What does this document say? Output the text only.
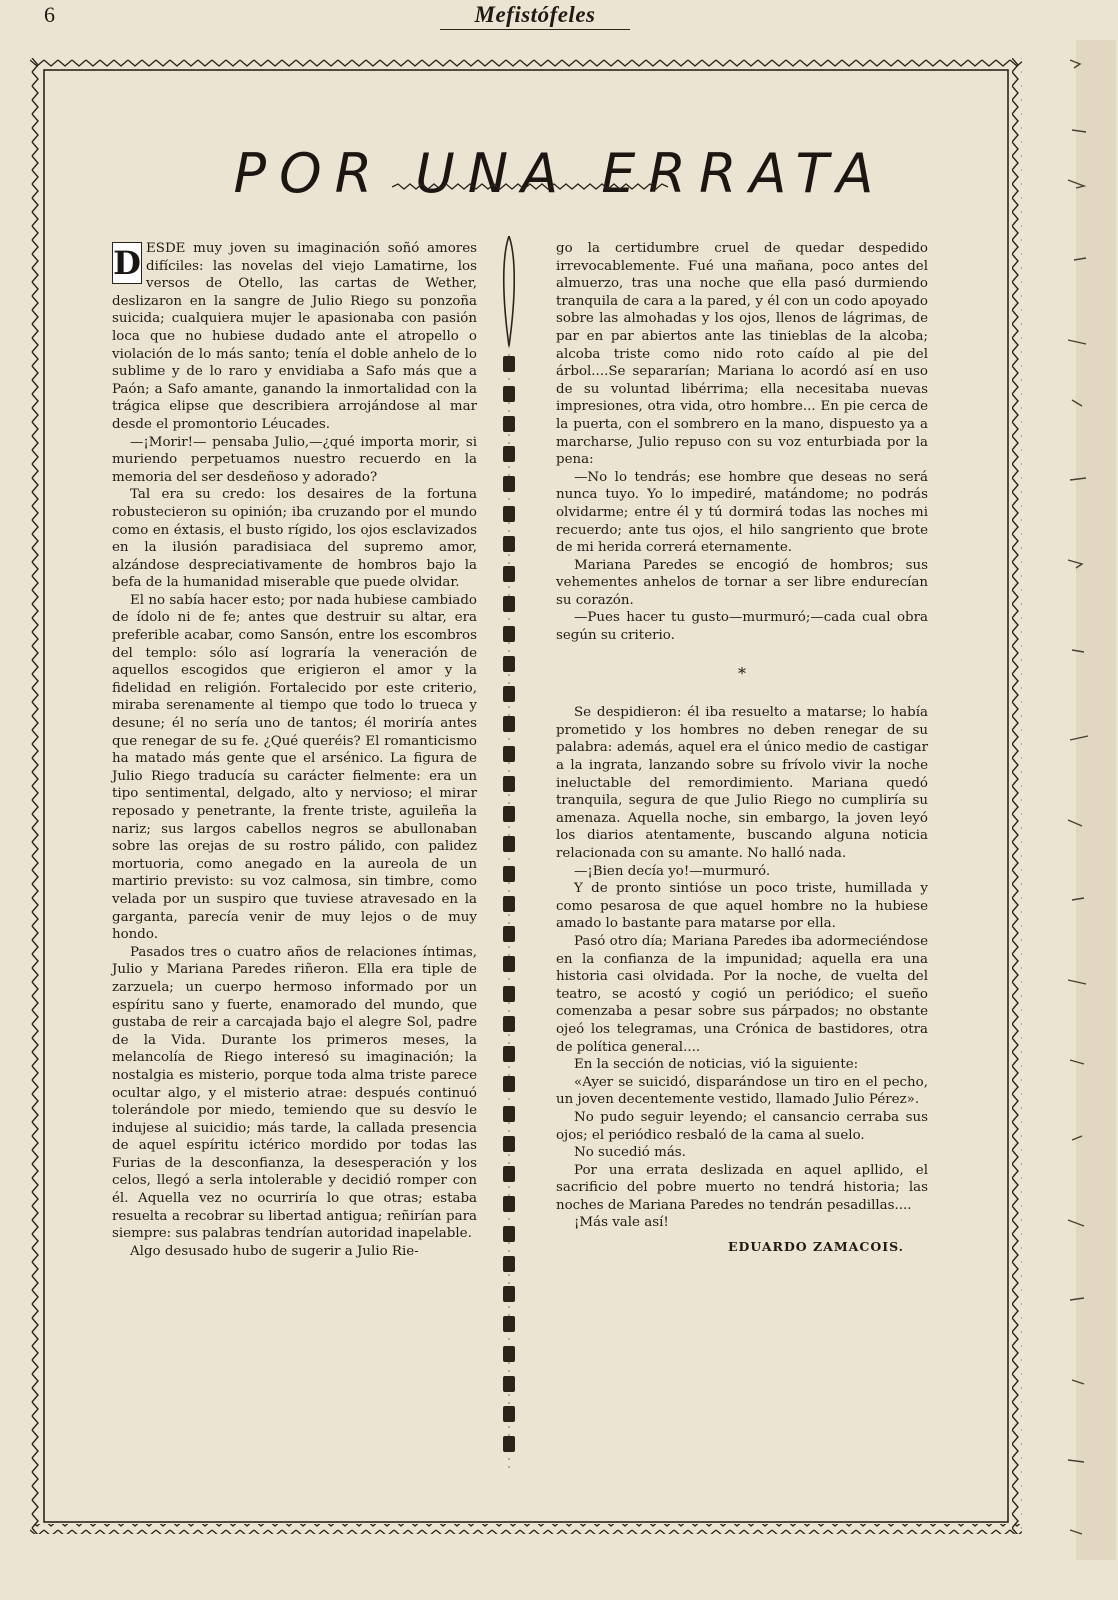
6	Mefistófeles
POR UNA ERRATA

D ESDE muy joven su imaginación soñó amores difíciles: las novelas del viejo Lamatirne, los versos de Otello, las cartas de Wether, deslizaron en la sangre de Julio Riego su ponzoña suicida; cualquiera mujer le apasionaba con pasión loca que no hubiese dudado ante el atropello o violación de lo más santo; tenía el doble anhelo de lo sublime y de lo raro y envidiaba a Safo más que a Paón; a Safo amante, ganando la inmortalidad con la trágica elipse que describiera arrojándose al mar desde el promontorio Léucades.

—¡Morir!— pensaba Julio,—¿qué importa morir, si muriendo perpetuamos nuestro recuerdo en la memoria del ser desdeñoso y adorado?

Tal era su credo: los desaires de la fortuna robustecieron su opinión; iba cruzando por el mundo como en éxtasis, el busto rígido, los ojos esclavizados en la ilusión paradisiaca del supremo amor, alzándose despreciativamente de hombros bajo la befa de la humanidad miserable que puede olvidar.

El no sabía hacer esto; por nada hubiese cambiado de ídolo ni de fe; antes que destruir su altar, era preferible acabar, como Sansón, entre los escombros del templo: sólo así lograría la veneración de aquellos escogidos que erigieron el amor y la fidelidad en religión. Fortalecido por este criterio, miraba serenamente al tiempo que todo lo trueca y desune; él no sería uno de tantos; él moriría antes que renegar de su fe. ¿Qué queréis? El romanticismo ha matado más gente que el arsénico. La figura de Julio Riego traducía su carácter fielmente: era un tipo sentimental, delgado, alto y nervioso; el mirar reposado y penetrante, la frente triste, aguileña la nariz; sus largos cabellos negros se abullonaban sobre las orejas de su rostro pálido, con palidez mortuoria, como anegado en la aureola de un martirio previsto: su voz calmosa, sin timbre, como velada por un suspiro que tuviese atravesado en la garganta, parecía venir de muy lejos o de muy hondo.

Pasados tres o cuatro años de relaciones íntimas, Julio y Mariana Paredes riñeron. Ella era tiple de zarzuela; un cuerpo hermoso informado por un espíritu sano y fuerte, enamorado del mundo, que gustaba de reir a carcajada bajo el alegre Sol, padre de la Vida. Durante los primeros meses, la melancolía de Riego interesó su imaginación; la nostalgia es misterio, porque toda alma triste parece ocultar algo, y el misterio atrae: después continuó tolerándole por miedo, temiendo que su desvío le indujese al suicidio; más tarde, la callada presencia de aquel espíritu ictérico mordido por todas las Furias de la desconfianza, la desesperación y los celos, llegó a serla intolerable y decidió romper con él. Aquella vez no ocurriría lo que otras; estaba resuelta a recobrar su libertad antigua; reñirían para siempre: sus palabras tendrían autoridad inapelable.

Algo desusado hubo de sugerir a Julio Rie-

go la certidumbre cruel de quedar despedido irrevocablemente. Fué una mañana, poco antes del almuerzo, tras una noche que ella pasó durmiendo tranquila de cara a la pared, y él con un codo apoyado sobre las almohadas y los ojos, llenos de lágrimas, de par en par abiertos ante las tinieblas de la alcoba; alcoba triste como nido roto caído al pie del árbol....Se separarían; Mariana lo acordó así en uso de su voluntad libérrima; ella necesitaba nuevas impresiones, otra vida, otro hombre... En pie cerca de la puerta, con el sombrero en la mano, dispuesto ya a marcharse, Julio repuso con su voz enturbiada por la pena:

—No lo tendrás; ese hombre que deseas no será nunca tuyo. Yo lo impediré, matándome; no podrás olvidarme; entre él y tú dormirá todas las noches mi recuerdo; ante tus ojos, el hilo sangriento que brote de mi herida correrá eternamente.

Mariana Paredes se encogió de hombros; sus vehementes anhelos de tornar a ser libre endurecían su corazón.

—Pues hacer tu gusto—murmuró;—cada cual obra según su criterio.

*

Se despidieron: él iba resuelto a matarse; lo había prometido y los hombres no deben renegar de su palabra: además, aquel era el único medio de castigar a la ingrata, lanzando sobre su frívolo vivir la noche ineluctable del remordimiento. Mariana quedó tranquila, segura de que Julio Riego no cumpliría su amenaza. Aquella noche, sin embargo, la joven leyó los diarios atentamente, buscando alguna noticia relacionada con su amante. No halló nada.

—¡Bien decía yo!—murmuró.

Y de pronto sintióse un poco triste, humillada y como pesarosa de que aquel hombre no la hubiese amado lo bastante para matarse por ella.

Pasó otro día; Mariana Paredes iba adormeciéndose en la confianza de la impunidad; aquella era una historia casi olvidada. Por la noche, de vuelta del teatro, se acostó y cogió un periódico; el sueño comenzaba a pesar sobre sus párpados; no obstante ojeó los telegramas, una Crónica de bastidores, otra de política general....

En la sección de noticias, vió la siguiente:

«Ayer se suicidó, disparándose un tiro en el pecho, un joven decentemente vestido, llamado Julio Pérez».

No pudo seguir leyendo; el cansancio cerraba sus ojos; el periódico resbaló de la cama al suelo.

No sucedió más.

Por una errata deslizada en aquel apllido, el sacrificio del pobre muerto no tendrá historia; las noches de Mariana Paredes no tendrán pesadillas....

¡Más vale así!

EDUARDO ZAMACOIS.
